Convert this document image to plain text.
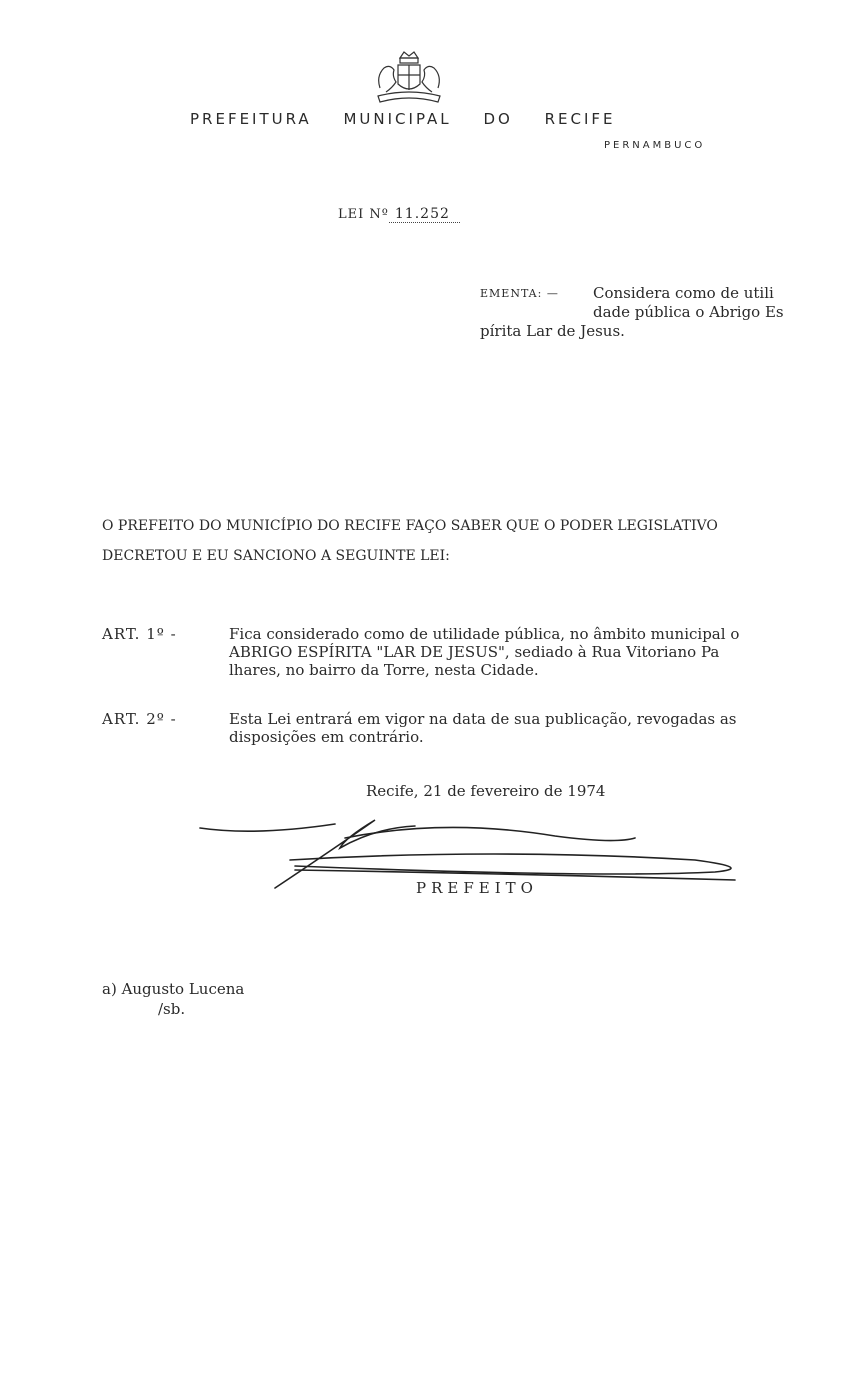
PREFEITURA MUNICIPAL DO RECIFE
PERNAMBUCO
LEI Nº 11.252
EMENTA: — Considera como de utili
dade pública o Abrigo Es
pírita Lar de Jesus.
O PREFEITO DO MUNICÍPIO DO RECIFE FAÇO SABER QUE O PODER LEGISLATIVO
DECRETOU E EU SANCIONO A SEGUINTE LEI:
ART. 1º -	Fica considerado como de utilidade pública, no âmbito municipal o
ABRIGO ESPÍRITA "LAR DE JESUS", sediado à Rua Vitoriano Pa
lhares, no bairro da Torre, nesta Cidade.
ART. 2º -	Esta Lei entrará em vigor na data de sua publicação, revogadas as
disposições em contrário.
Recife, 21 de fevereiro de 1974
PREFEITO
a) Augusto Lucena
/sb.
